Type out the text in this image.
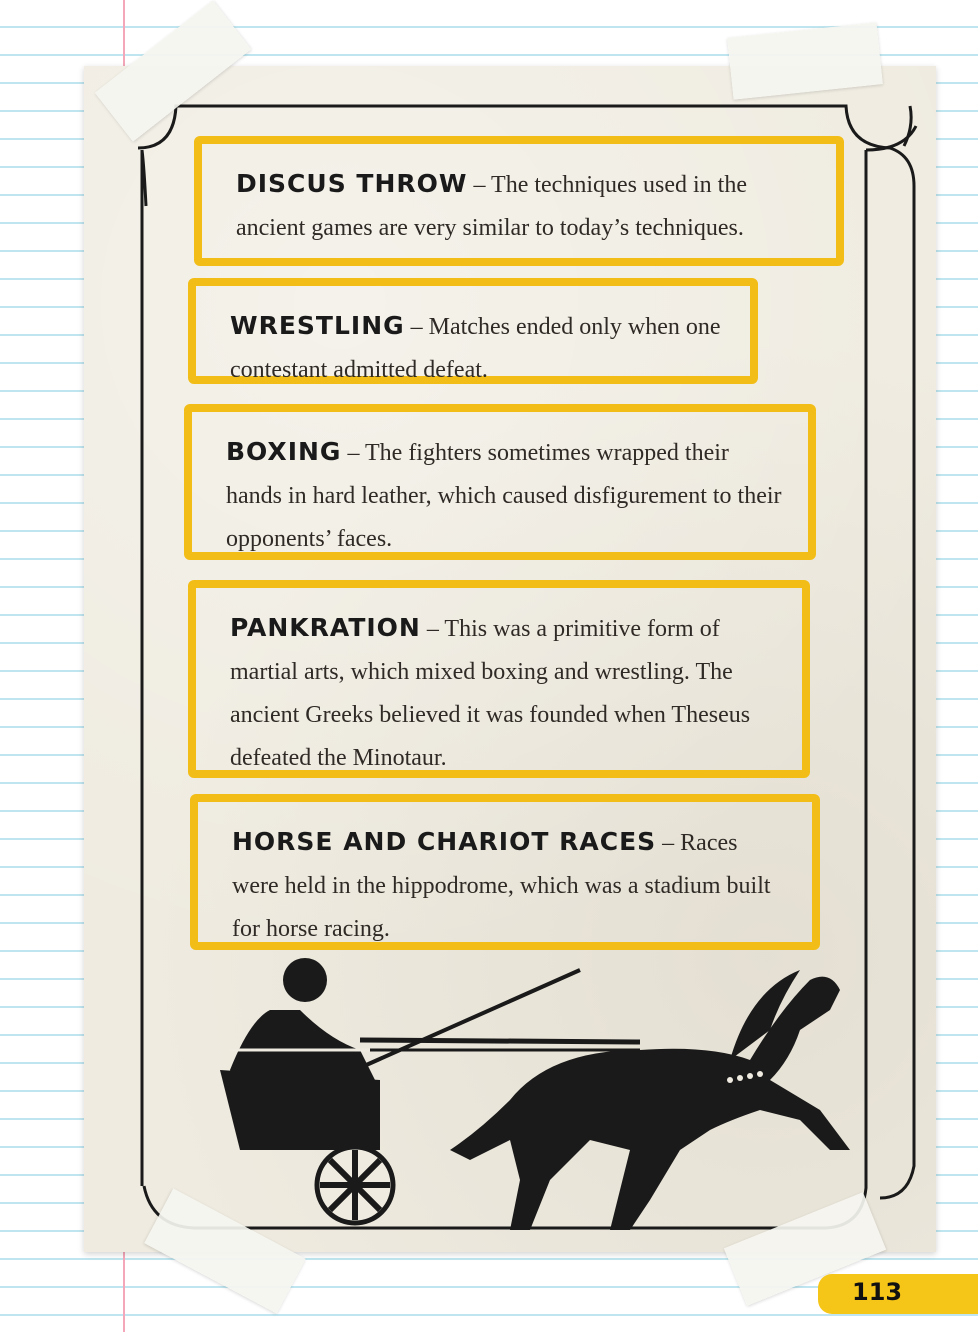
DISCUS THROW – The techniques used in the ancient games are very similar to today’s techniques.
WRESTLING – Matches ended only when one contestant admitted defeat.
BOXING – The fighters sometimes wrapped their hands in hard leather, which caused disfigurement to their opponents’ faces.
PANKRATION – This was a primitive form of martial arts, which mixed boxing and wrestling. The ancient Greeks believed it was founded when Theseus defeated the Minotaur.
HORSE AND CHARIOT RACES – Races were held in the hippodrome, which was a stadium built for horse racing.
113
